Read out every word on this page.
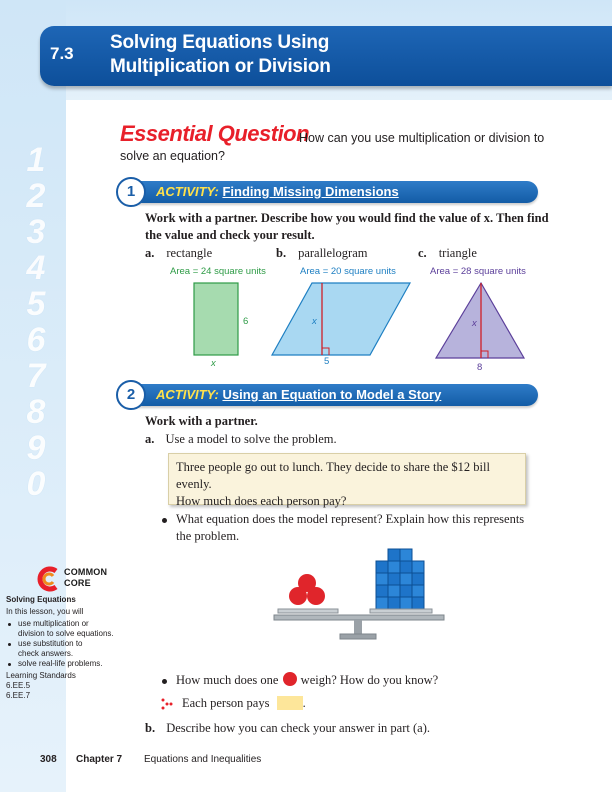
1
2
3
4
5
6
7
8
9
0
7.3
Solving Equations Using
Multiplication or Division
Essential Question
How can you use multiplication or division to
solve an equation?
1	ACTIVITY: Finding Missing Dimensions
Work with a partner. Describe how you would find the value of x. Then find
the value and check your result.
a. rectangle	b. parallelogram	c. triangle
Area = 24 square units	Area = 20 square units	Area = 28 square units
6
x
x
5
x
8
2	ACTIVITY: Using an Equation to Model a Story
Work with a partner.
a. Use a model to solve the problem.
Three people go out to lunch. They decide to share the $12 bill evenly.
How much does each person pay?
What equation does the model represent? Explain how this represents
the problem.
How much does one weigh? How do you know?
Each person pays	.
b. Describe how you can check your answer in part (a).
COMMON
CORE
Solving Equations
In this lesson, you will
use multiplication or
division to solve equations.
use substitution to
check answers.
solve real-life problems.
Learning Standards
6.EE.5
6.EE.7
308 Chapter 7 Equations and Inequalities
